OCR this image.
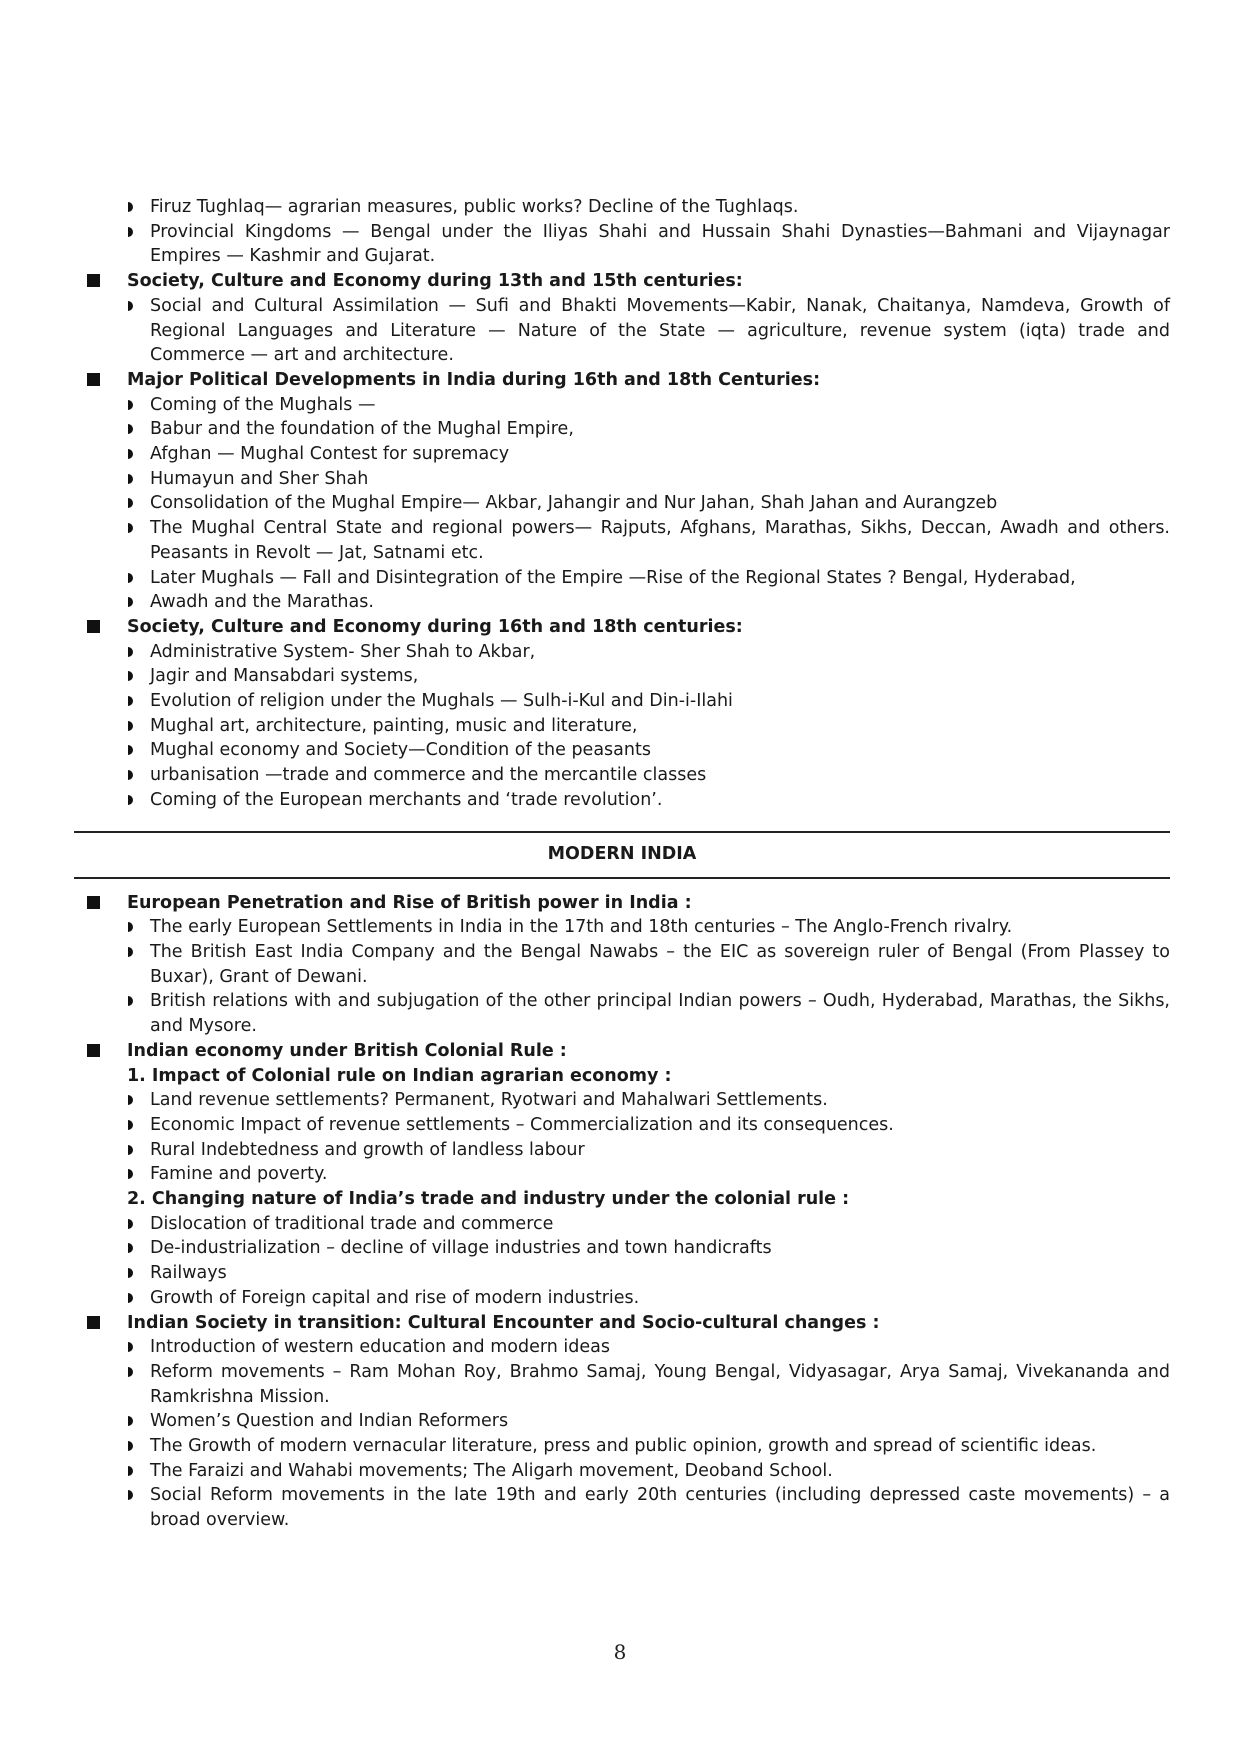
Firuz Tughlaq— agrarian measures, public works? Decline of the Tughlaqs.
Provincial Kingdoms — Bengal under the Iliyas Shahi and Hussain Shahi Dynasties—Bahmani and Vijaynagar Empires — Kashmir and Gujarat.
Society, Culture and Economy during 13th and 15th centuries:
Social and Cultural Assimilation — Sufi and Bhakti Movements—Kabir, Nanak, Chaitanya, Namdeva, Growth of Regional Languages and Literature — Nature of the State — agriculture, revenue system (iqta) trade and Commerce — art and architecture.
Major Political Developments in India during 16th and 18th Centuries:
Coming of the Mughals —
Babur and the foundation of the Mughal Empire,
Afghan — Mughal Contest for supremacy
Humayun and Sher Shah
Consolidation of the Mughal Empire— Akbar, Jahangir and Nur Jahan, Shah Jahan and Aurangzeb
The Mughal Central State and regional powers— Rajputs, Afghans, Marathas, Sikhs, Deccan, Awadh and others. Peasants in Revolt — Jat, Satnami etc.
Later Mughals — Fall and Disintegration of the Empire —Rise of the Regional States ? Bengal, Hyderabad,
Awadh and the Marathas.
Society, Culture and Economy during 16th and 18th centuries:
Administrative System- Sher Shah to Akbar,
Jagir and Mansabdari systems,
Evolution of religion under the Mughals — Sulh-i-Kul and Din-i-Ilahi
Mughal art, architecture, painting, music and literature,
Mughal economy and Society—Condition of the peasants
urbanisation —trade and commerce and the mercantile classes
Coming of the European merchants and ‘trade revolution’.
MODERN INDIA
European Penetration and Rise of British power in India :
The early European Settlements in India in the 17th and 18th centuries – The Anglo-French rivalry.
The British East India Company and the Bengal Nawabs – the EIC as sovereign ruler of Bengal (From Plassey to Buxar), Grant of Dewani.
British relations with and subjugation of the other principal Indian powers – Oudh, Hyderabad, Marathas, the Sikhs, and Mysore.
Indian economy under British Colonial Rule :
1. Impact of Colonial rule on Indian agrarian economy :
Land revenue settlements? Permanent, Ryotwari and Mahalwari Settlements.
Economic Impact of revenue settlements – Commercialization and its consequences.
Rural Indebtedness and growth of landless labour
Famine and poverty.
2. Changing nature of India’s trade and industry under the colonial rule :
Dislocation of traditional trade and commerce
De-industrialization – decline of village industries and town handicrafts
Railways
Growth of Foreign capital and rise of modern industries.
Indian Society in transition: Cultural Encounter and Socio-cultural changes :
Introduction of western education and modern ideas
Reform movements – Ram Mohan Roy, Brahmo Samaj, Young Bengal, Vidyasagar, Arya Samaj, Vivekananda and Ramkrishna Mission.
Women’s Question and Indian Reformers
The Growth of modern vernacular literature, press and public opinion, growth and spread of scientific ideas.
The Faraizi and Wahabi movements; The Aligarh movement, Deoband School.
Social Reform movements in the late 19th and early 20th centuries (including depressed caste movements) – a broad overview.
8
